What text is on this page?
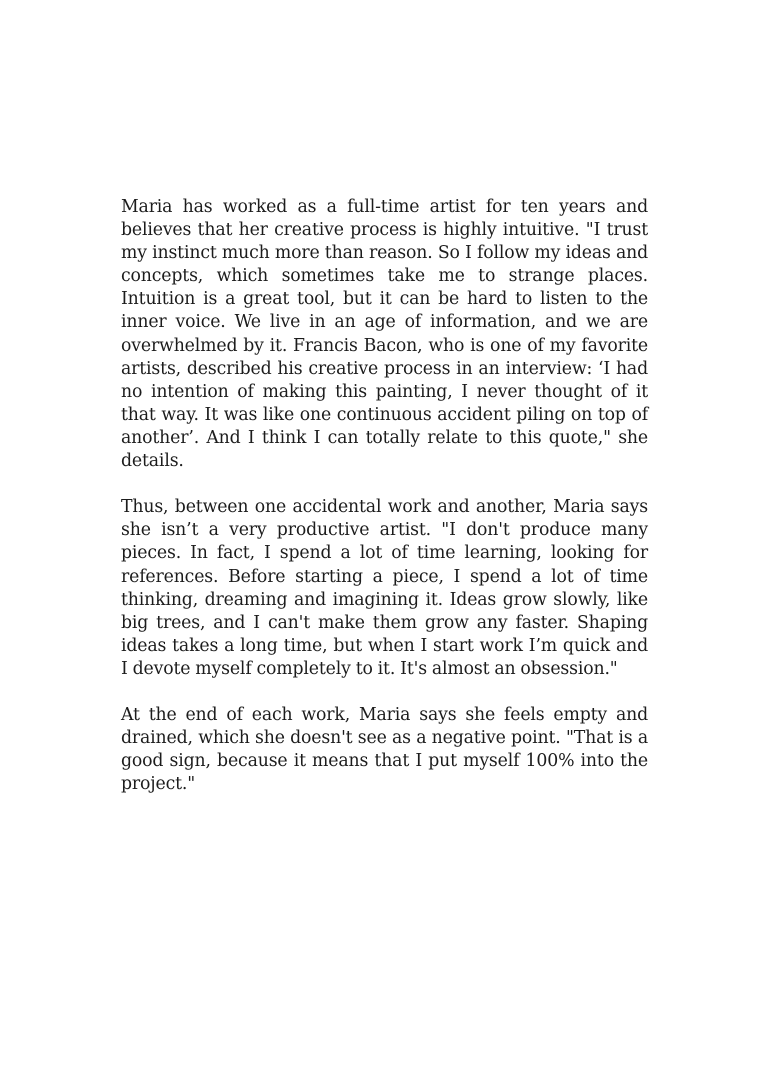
Maria has worked as a full-time artist for ten years and believes that her creative process is highly intuitive. "I trust my instinct much more than reason. So I follow my ideas and concepts, which sometimes take me to strange places. Intuition is a great tool, but it can be hard to listen to the inner voice. We live in an age of information, and we are overwhelmed by it. Francis Bacon, who is one of my favorite artists, described his creative process in an interview: ‘I had no intention of making this painting, I never thought of it that way. It was like one continuous accident piling on top of another’. And I think I can totally relate to this quote," she details.

Thus, between one accidental work and another, Maria says she isn’t a very productive artist. "I don't produce many pieces. In fact, I spend a lot of time learning, looking for references. Before starting a piece, I spend a lot of time thinking, dreaming and imagining it. Ideas grow slowly, like big trees, and I can't make them grow any faster. Shaping ideas takes a long time, but when I start work I’m quick and I devote myself completely to it. It's almost an obsession."

At the end of each work, Maria says she feels empty and drained, which she doesn't see as a negative point. "That is a good sign, because it means that I put myself 100% into the project."
